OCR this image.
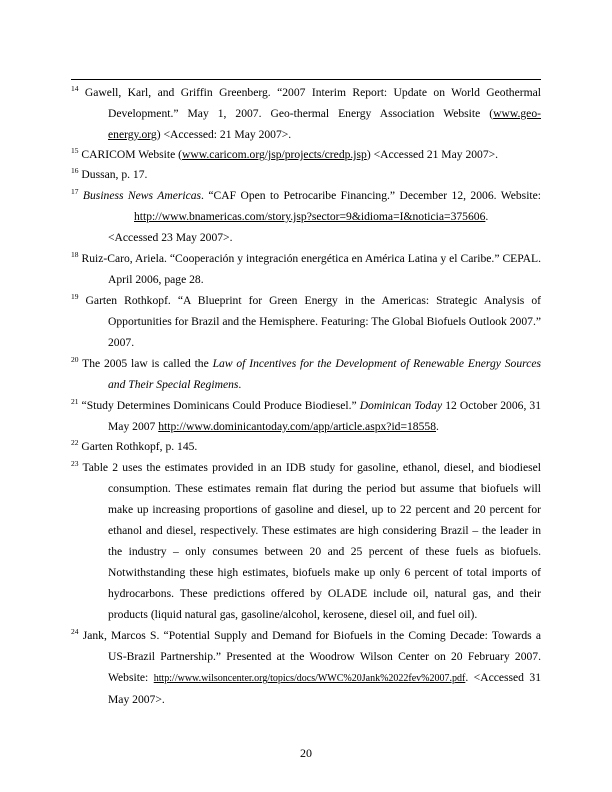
$^{14}$ Gawell, Karl, and Griffin Greenberg. “2007 Interim Report: Update on World Geothermal Development.” May 1, 2007. Geo-thermal Energy Association Website (www.geo-energy.org) <Accessed: 21 May 2007>.

$^{15}$ CARICOM Website (www.caricom.org/jsp/projects/credp.jsp) <Accessed 21 May 2007>.

$^{16}$ Dussan, p. 17.

$^{17}$ Business News Americas. “CAF Open to Petrocaribe Financing.” December 12, 2006. Website:http://www.bnamericas.com/story.jsp?sector=9&idioma=I&noticia=375606. <Accessed 23 May 2007>.

$^{18}$ Ruiz-Caro, Ariela. “Cooperación y integración energética en América Latina y el Caribe.” CEPAL. April 2006, page 28.

$^{19}$ Garten Rothkopf. “A Blueprint for Green Energy in the Americas: Strategic Analysis of Opportunities for Brazil and the Hemisphere. Featuring: The Global Biofuels Outlook 2007.” 2007.

$^{20}$ The 2005 law is called the Law of Incentives for the Development of Renewable Energy Sources and Their Special Regimens.

$^{21}$ “Study Determines Dominicans Could Produce Biodiesel.” Dominican Today 12 October 2006, 31 May 2007 http://www.dominicantoday.com/app/article.aspx?id=18558.

$^{22}$ Garten Rothkopf, p. 145.

$^{23}$ Table 2 uses the estimates provided in an IDB study for gasoline, ethanol, diesel, and biodiesel consumption. These estimates remain flat during the period but assume that biofuels will make up increasing proportions of gasoline and diesel, up to 22 percent and 20 percent for ethanol and diesel, respectively. These estimates are high considering Brazil – the leader in the industry – only consumes between 20 and 25 percent of these fuels as biofuels. Notwithstanding these high estimates, biofuels make up only 6 percent of total imports of hydrocarbons. These predictions offered by OLADE include oil, natural gas, and their products (liquid natural gas, gasoline/alcohol, kerosene, diesel oil, and fuel oil).

$^{24}$ Jank, Marcos S. “Potential Supply and Demand for Biofuels in the Coming Decade: Towards a US-Brazil Partnership.” Presented at the Woodrow Wilson Center on 20 February 2007. Website: http://www.wilsoncenter.org/topics/docs/WWC%20Jank%2022fev%2007.pdf. <Accessed 31 May 2007>.

20
